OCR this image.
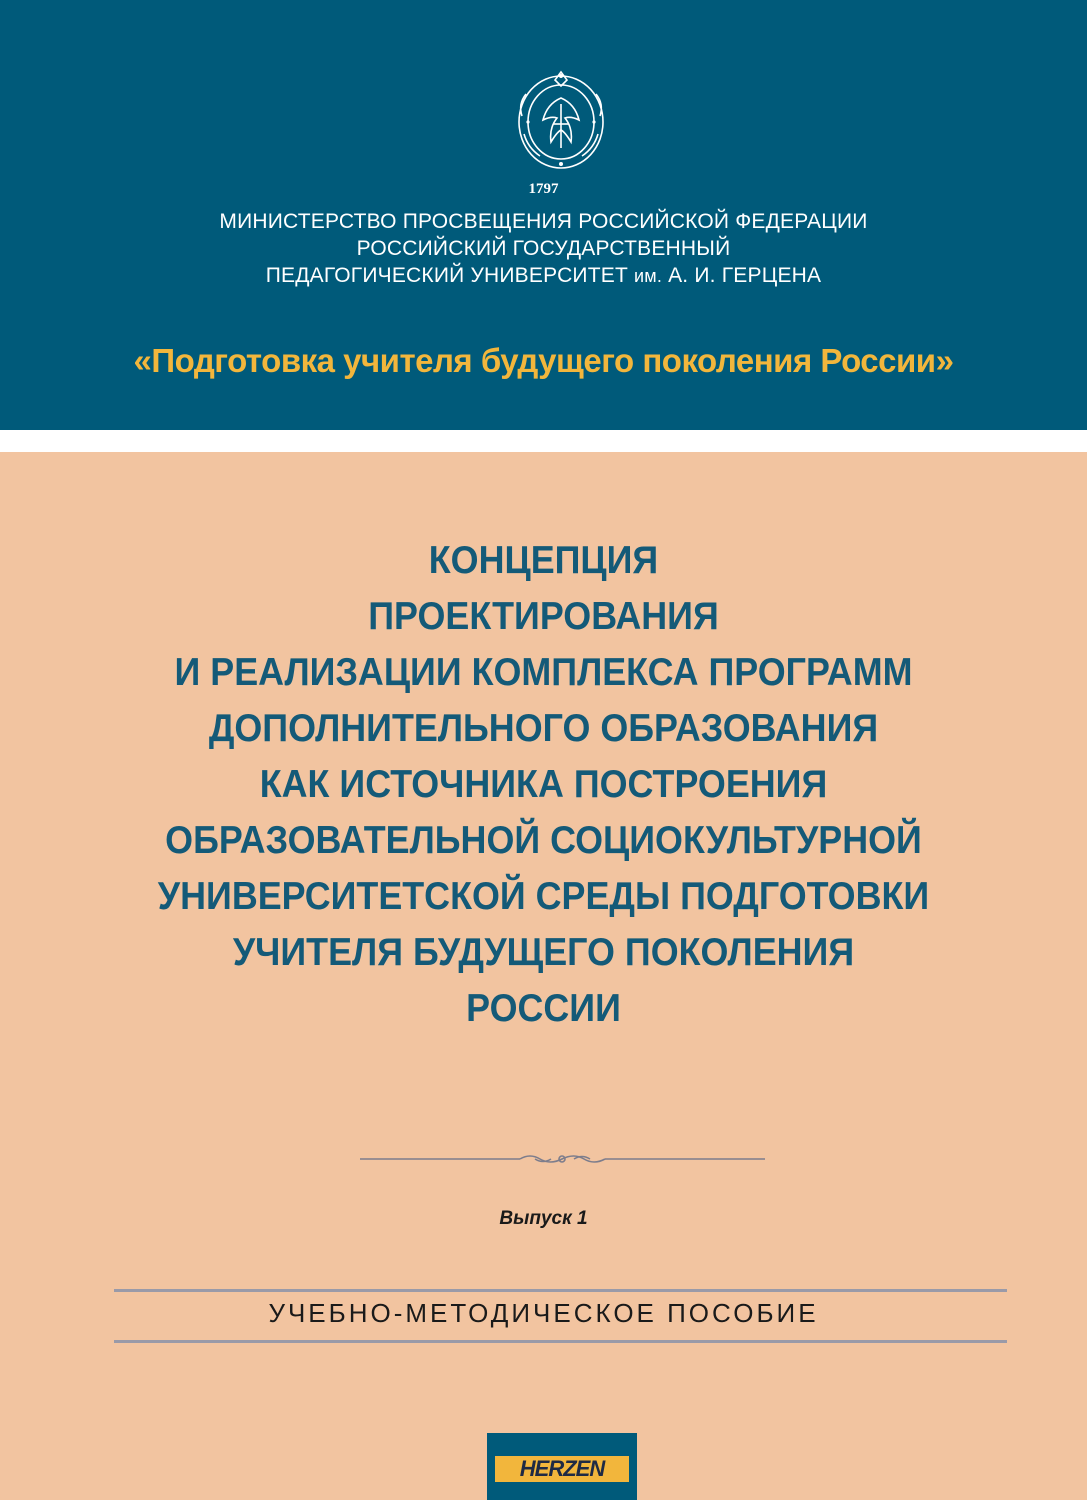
1797
МИНИСТЕРСТВО ПРОСВЕЩЕНИЯ РОССИЙСКОЙ ФЕДЕРАЦИИ
РОССИЙСКИЙ ГОСУДАРСТВЕННЫЙ
ПЕДАГОГИЧЕСКИЙ УНИВЕРСИТЕТ им. А. И. ГЕРЦЕНА
«Подготовка учителя будущего поколения России»
КОНЦЕПЦИЯ
ПРОЕКТИРОВАНИЯ
И РЕАЛИЗАЦИИ КОМПЛЕКСА ПРОГРАММ
ДОПОЛНИТЕЛЬНОГО ОБРАЗОВАНИЯ
КАК ИСТОЧНИКА ПОСТРОЕНИЯ
ОБРАЗОВАТЕЛЬНОЙ СОЦИОКУЛЬТУРНОЙ
УНИВЕРСИТЕТСКОЙ СРЕДЫ ПОДГОТОВКИ
УЧИТЕЛЯ БУДУЩЕГО ПОКОЛЕНИЯ
РОССИИ
Выпуск 1
УЧЕБНО-МЕТОДИЧЕСКОЕ ПОСОБИЕ
HERZEN
